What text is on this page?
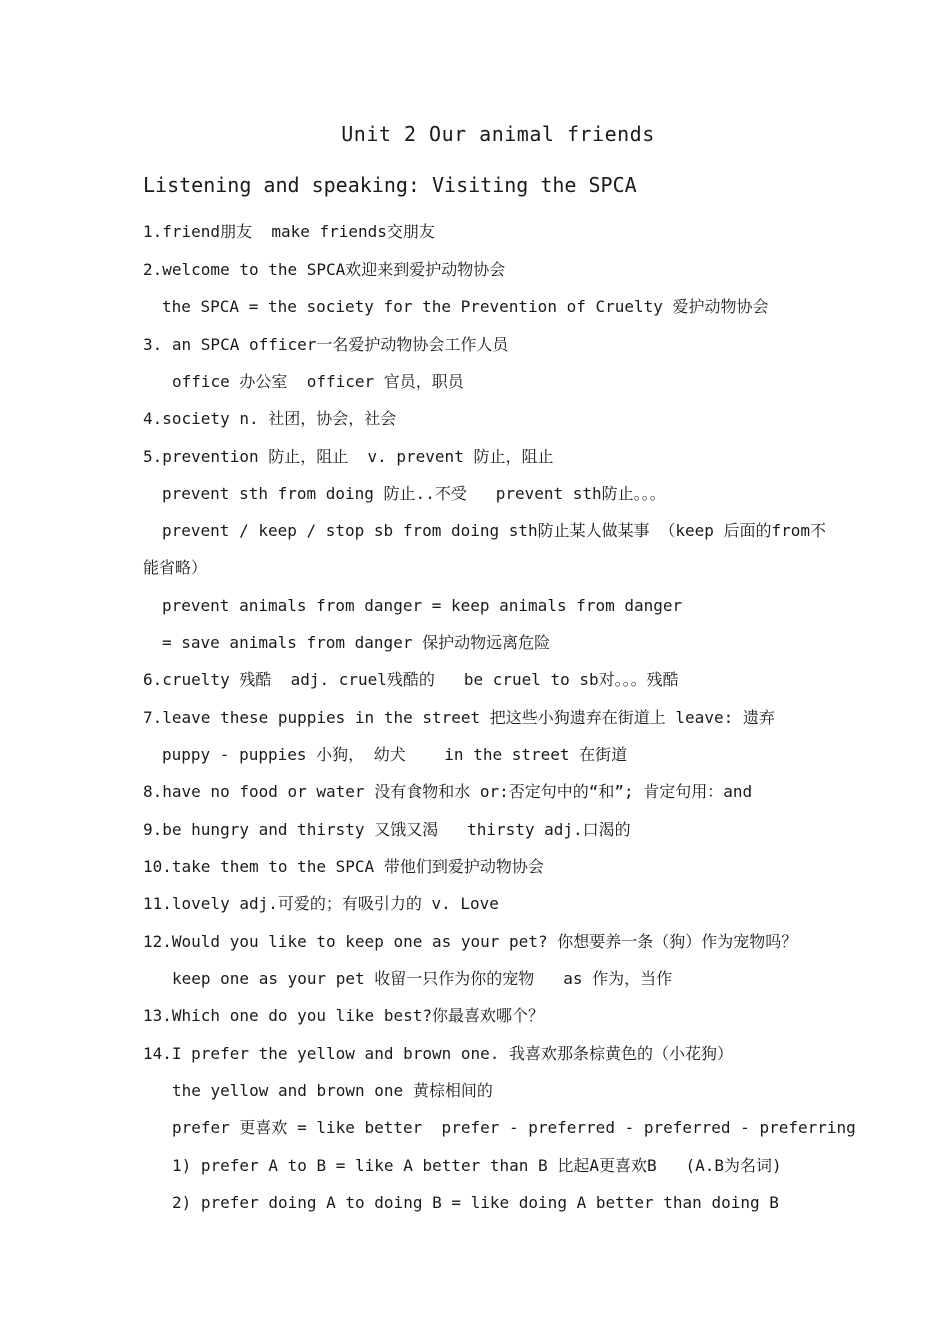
Unit 2 Our animal friends
Listening and speaking: Visiting the SPCA
1.friend朋友  make friends交朋友
2.welcome to the SPCA欢迎来到爱护动物协会
the SPCA = the society for the Prevention of Cruelty 爱护动物协会
3. an SPCA officer一名爱护动物协会工作人员
office 办公室  officer 官员，职员
4.society n. 社团，协会，社会
5.prevention 防止，阻止  v. prevent 防止，阻止
prevent sth from doing 防止..不受   prevent sth防止。。。
prevent / keep / stop sb from doing sth防止某人做某事 （keep 后面的from不
能省略）
prevent animals from danger = keep animals from danger
= save animals from danger 保护动物远离危险
6.cruelty 残酷  adj. cruel残酷的   be cruel to sb对。。。残酷
7.leave these puppies in the street 把这些小狗遗弃在街道上 leave: 遗弃
puppy - puppies 小狗， 幼犬    in the street 在街道
8.have no food or water 没有食物和水 or:否定句中的“和”; 肯定句用：and
9.be hungry and thirsty 又饿又渴   thirsty adj.口渴的
10.take them to the SPCA 带他们到爱护动物协会
11.lovely adj.可爱的；有吸引力的 v. Love
12.Would you like to keep one as your pet? 你想要养一条（狗）作为宠物吗？
keep one as your pet 收留一只作为你的宠物   as 作为，当作
13.Which one do you like best?你最喜欢哪个？
14.I prefer the yellow and brown one. 我喜欢那条棕黄色的（小花狗）
the yellow and brown one 黄棕相间的
prefer 更喜欢 = like better  prefer - preferred - preferred - preferring
1) prefer A to B = like A better than B 比起A更喜欢B   (A.B为名词)
2) prefer doing A to doing B = like doing A better than doing B
